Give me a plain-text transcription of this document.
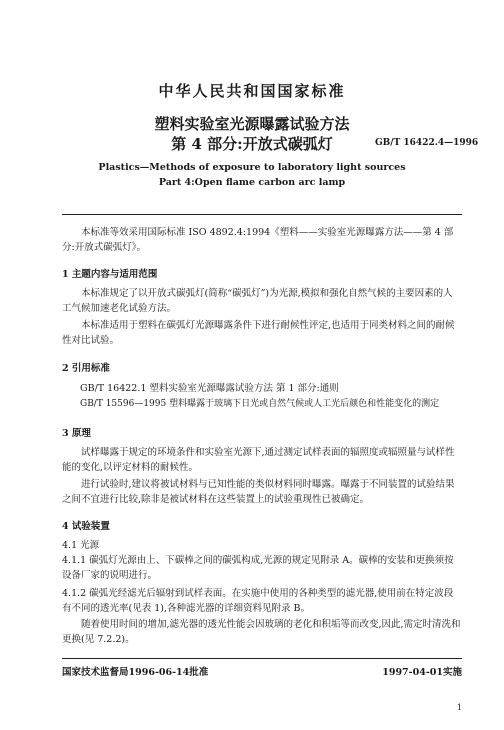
中华人民共和国国家标准
塑料实验室光源曝露试验方法
第 4 部分:开放式碳弧灯	GB/T 16422.4—1996
Plastics—Methods of exposure to laboratory light sources
Part 4:Open flame carbon arc lamp
本标准等效采用国际标准 ISO 4892.4:1994《塑料——实验室光源曝露方法——第 4 部分:开放式碳弧灯》。
1 主题内容与适用范围
本标准规定了以开放式碳弧灯(简称“碳弧灯”)为光源,模拟和强化自然气候的主要因素的人工气候加速老化试验方法。
本标准适用于塑料在碳弧灯光源曝露条件下进行耐候性评定,也适用于同类材料之间的耐候性对比试验。
2 引用标准
GB/T 16422.1 塑料实验室光源曝露试验方法 第 1 部分:通则
GB/T 15596—1995 塑料曝露于玻璃下日光或自然气候或人工光后颜色和性能变化的测定
3 原理
试样曝露于规定的环境条件和实验室光源下,通过测定试样表面的辐照度或辐照量与试样性能的变化,以评定材料的耐候性。
进行试验时,建议将被试材料与已知性能的类似材料同时曝露。曝露于不同装置的试验结果之间不宜进行比较,除非是被试材料在这些装置上的试验重现性已被确定。
4 试验装置
4.1 光源
4.1.1 碳弧灯光源由上、下碳棒之间的碳弧构成,光源的规定见附录 A。碳棒的安装和更换须按设备厂家的说明进行。
4.1.2 碳弧光经滤光后辐射到试样表面。在实施中使用的各种类型的滤光器,使用前在特定波段有不同的透光率(见表 1),各种滤光器的详细资料见附录 B。
随着使用时间的增加,滤光器的透光性能会因玻璃的老化和积垢等而改变,因此,需定时清洗和更换(见 7.2.2)。
国家技术监督局1996-06-14批准	1997-04-01实施
1
